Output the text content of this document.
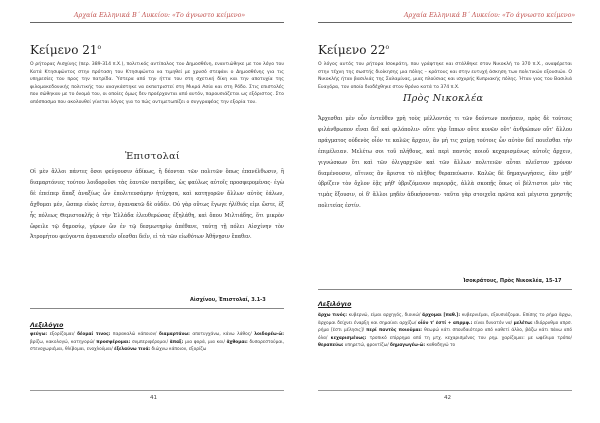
Αρχαία Ελληνικά Β΄ Λυκείου: «Το άγνωστο κείμενο»
Κείμενο $21^o$
Ο ρήτορας Αισχίνης (περ. 389-314 π.Χ.), πολιτικός αντίπαλος του Δημοσθένη, εναντιώθηκε με τον λόγο του Κατά Κτησιφώντος στην πρόταση του Κτησιφώντα να τιμηθεί με χρυσό στεφάνι ο Δημοσθένης για τις υπηρεσίες του προς την πατρίδα. Ύστερα από την ήττα του στη σχετική δίκη και την αποτυχία της φιλομακεδονικής πολιτικής του αναγκάστηκε να εκπατριστεί στη Μικρά Ασία και στη Ρόδο. Στις επιστολές που σώθηκαν με το όνομά του, οι οποίες όμως δεν προέρχονται από αυτόν, παρουσιάζεται ως εξόριστος. Στο απόσπασμα που ακολουθεί γίνεται λόγος για το πώς αντιμετωπίζει ο συγγραφέας την εξορία του.
Ἐπιστολαί
Οἱ μὲν ἄλλοι πάντες ὅσοι φεύγουσιν ἀδίκως, ἢ δέονται τῶν πολιτῶν ὅπως ἐπανέλθωσιν, ἢ διαμαρτόνιες τούτου λοιδοροῦσι τὰς ἑαυτῶν πατρίδας, ὡς φαύλως αὐτοῖς προσφερομένας· ἐγὼ δὲ ἐπείπερ ἅπαξ ἀναξίως ὧν ἐπολιτευσάμην ἠτύχησα, καὶ κατηγορῶν ἄλλων αὐτὸς ἑάλων, ἄχθομαι μέν, ὥσπερ εἰκὸς ἐστιν, ἀγανακτῶ δὲ οὐδέν. Οὐ γὰρ οὕτως ἔγωγε ἠλίθιός εἰμι ὥστε, ἐξ ἧς πόλεως Θεμιστοκλῆς ὁ τὴν Ἑλλάδα ἐλευθερώσας ἐξηλάθη, καὶ ὅπου Μιλτιάδης, ὅτι μικρὸν ὤφειλε τῷ δημοσίῳ, γέρων ὢν ἐν τῷ δεσμωτηρίῳ ἀπέθανε, ταύτῃ τῇ πόλει Αἰσχίνην τὸν Ἀτρομήτου φεύγοντα ἀγανακτεῖν οἴεσθαι δεῖν, εἰ τὰ τῶν εἰωθότων Ἀθήνῃσιν ἔπαθεν.
Αἰσχίνου, Ἐπιστολαί, 3.1-3
Λεξιλόγιο
φεύγω: εξορίζομαι/ δέομαί τινος: παρακαλώ κάποιον/ διαμαρτάνω: αποτυγχάνω, κάνω λάθος/ λοιδορέω-ῶ: βρίζω, κακολογώ, κατηγορώ/ προσφέρομαι: συμπεριφέρομαι/ ἅπαξ: μια φορά, μια και/ ἄχθομαι: δυσαρεστούμαι, στενοχωριέμαι, θλίβομαι, ενοχλούμαι/ ἐξελαύνω τινά: διώχνω κάποιον, εξορίζω
41
Αρχαία Ελληνικά Β΄ Λυκείου: «Το άγνωστο κείμενο»
Κείμενο $22^o$
Ο λόγος αυτός του ρήτορα Ισοκράτη, που γράφτηκε και στάλθηκε στον Νικοκλή το 370 π.Χ., αναφέρεται στην τέχνη της σωστής διοίκησης μια πόλης – κράτους και στην ευτυχή άσκηση των πολιτικών εξουσιών. Ο Νικοκλής ήταν βασιλιάς της Σαλαμίνας, μιας πλούσιας και ισχυρής Κυπριακής πόλης. Ήταν γιος του Βασιλιά Ευαγόρα, τον οποίο διαδέχθηκε στον θρόνο κατά το 374 π.Χ.
Πρὸς Νικοκλέα
Ἄρχεσθαι μὲν οὖν ἐντεῦθεν χρὴ τοὺς μέλλοντάς τι τῶν δεόντων ποιήσειν, πρὸς δὲ τούτοις φιλάνθρωπον εἶναι δεῖ καὶ φιλόπολιν· οὔτε γὰρ ἵππων οὔτε κυνῶν οὔτ' ἀνθρώπων οὔτ' ἄλλου πράγματος οὐδενὸς οἷόν τε καλῶς ἄρχειν, ἂν μή τις χαίρῃ τούτοις ὧν αὐτὸν δεῖ ποιεῖσθαι τὴν ἐπιμέλειαν. Μελέτω σοι τοῦ πλήθους, καὶ περὶ παντὸς ποιοῦ κεχαρισμένως αὐτοῖς ἄρχειν, γιγνώσκων ὅτι καὶ τῶν ὀλιγαρχιῶν καὶ τῶν ἄλλων πολιτειῶν αὗται πλεῖστον χρόνον διαμένουσιν, αἵτινες ἂν ἄριστα τὸ πλῆθος θεραπεύωσιν. Καλῶς δὲ δημαγωγήσεις, ἐὰν μήθ' ὑβρίζειν τὸν ὄχλον ἐᾷς μήθ' ὑβριζόμενον περιορᾷς, ἀλλὰ σκοπῇς ὅπως οἱ βέλτιστοι μὲν τὰς τιμὰς ἕξουσιν, οἱ δ' ἄλλοι μηδὲν ἀδικήσονται· ταῦτα γὰρ στοιχεῖα πρῶτα καὶ μέγιστα χρηστῆς πολιτείας ἐστίν.
Ἰσοκράτους, Πρὸς Νικοκλέα, 15-17
Λεξιλόγιο
ἄρχω τινός: κυβερνώ, είμαι αρχηγός, διοικώ/ ἄρχομαι [παθ.]: κυβερνιέμαι, εξουσιάζομαι. Επίσης το ρήμα ἄρχω, ἄρχομαι δείχνει έναρξη και σημαίνει αρχίζω/ οἷόν τ' ἐστί + απρμφ.: είναι δυνατόν να/ μελέτω: ιδιόρρυθμο απρσ. ρήμα [ἐστι μέλησις]/ περί παντὸς ποιοῦμαι: θεωρώ κάτι σπουδαιότερο από καθετί άλλο, βάζω κάτι πάνω από όλα/ κεχαρισμένως: τροπικό επίρρημα από τη μτχ. κεχαρισμένος του ρημ. χαρίζομαι: με ωφέλιμο τρόπο/ θεραπεύω: υπηρετώ, φροντίζω/ δημαγωγέω-ῶ: καθοδηγώ το
42
